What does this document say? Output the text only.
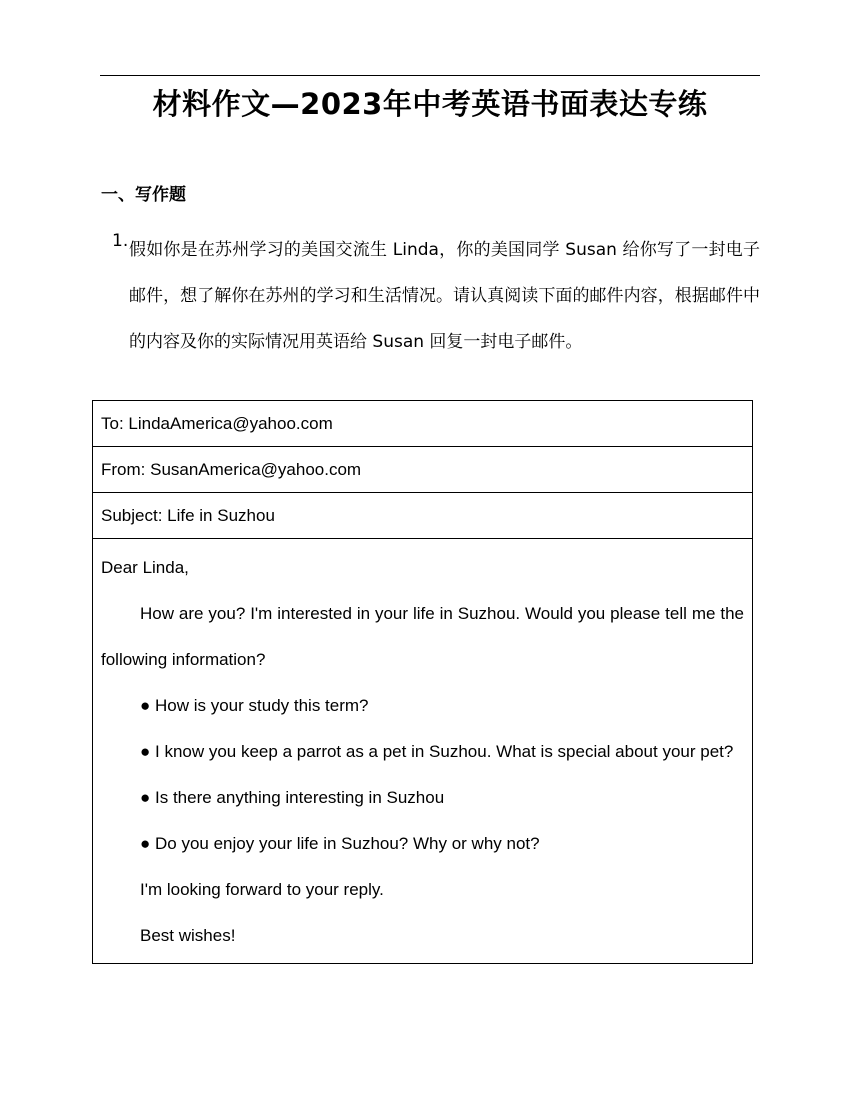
材料作文—2023年中考英语书面表达专练
一、写作题
1. 假如你是在苏州学习的美国交流生 Linda，你的美国同学 Susan 给你写了一封电子邮件，想了解你在苏州的学习和生活情况。请认真阅读下面的邮件内容，根据邮件中的内容及你的实际情况用英语给 Susan 回复一封电子邮件。
To: LindaAmerica@yahoo.com
From: SusanAmerica@yahoo.com
Subject: Life in Suzhou

Dear Linda,
How are you? I'm interested in your life in Suzhou. Would you please tell me the following information?
● How is your study this term?
● I know you keep a parrot as a pet in Suzhou. What is special about your pet?
● Is there anything interesting in Suzhou
● Do you enjoy your life in Suzhou? Why or why not?
I'm looking forward to your reply.
Best wishes!
